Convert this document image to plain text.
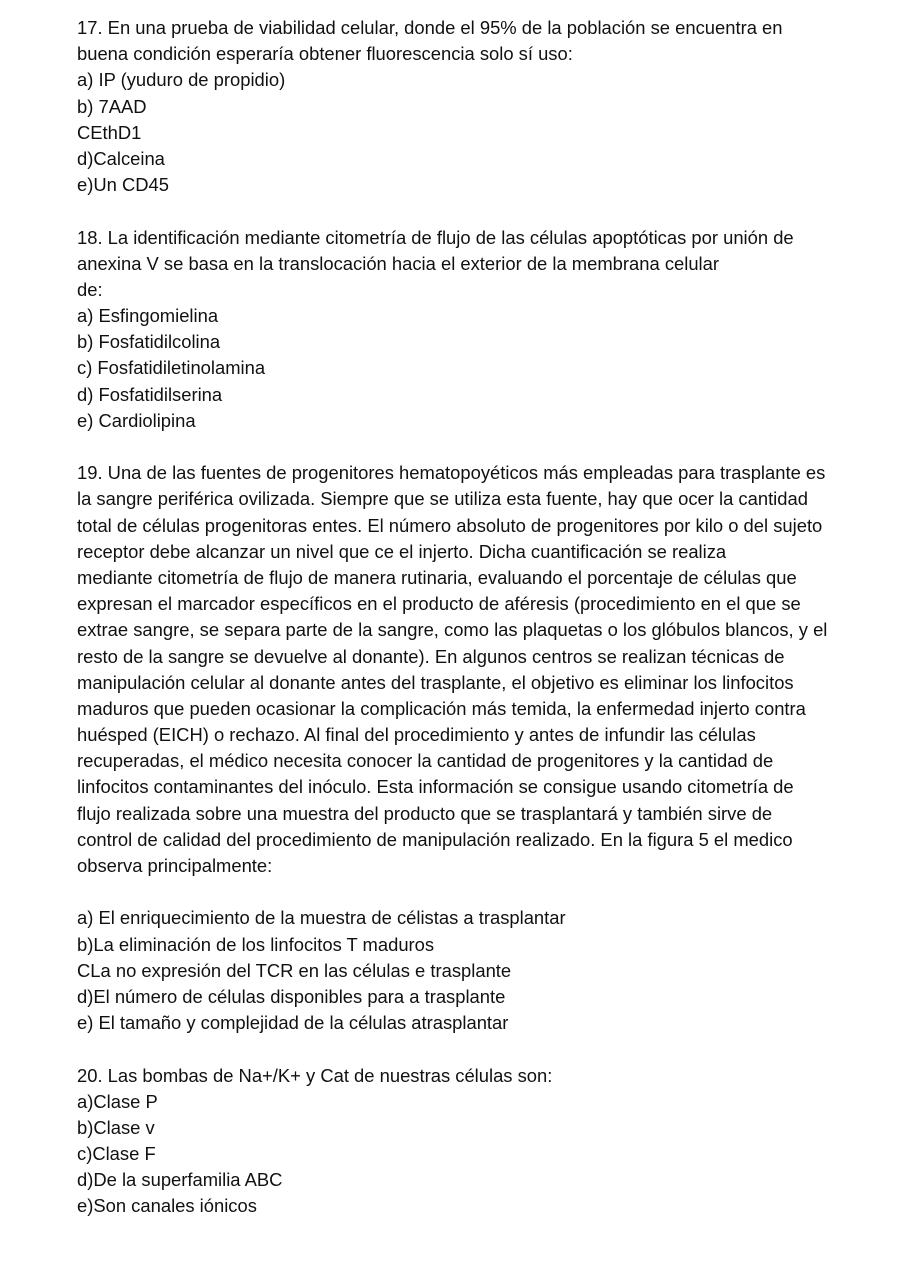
17. En una prueba de viabilidad celular, donde el 95% de la población se encuentra en
buena condición esperaría obtener fluorescencia solo sí uso:
a) IP (yuduro de propidio)
b) 7AAD
CEthD1
d)Calceina
e)Un CD45
18. La identificación mediante citometría de flujo de las células apoptóticas por unión de
anexina V se basa en la translocación hacia el exterior de la membrana celular
de:
a) Esfingomielina
b) Fosfatidilcolina
c) Fosfatidiletinolamina
d) Fosfatidilserina
e) Cardiolipina
19. Una de las fuentes de progenitores hematopoyéticos más empleadas para trasplante es
la sangre periférica ovilizada. Siempre que se utiliza esta fuente, hay que ocer la cantidad
total de células progenitoras entes. El número absoluto de progenitores por kilo o del sujeto
receptor debe alcanzar un nivel que ce el injerto. Dicha cuantificación se realiza
mediante citometría de flujo de manera rutinaria, evaluando el porcentaje de células que
expresan el marcador específicos en el producto de aféresis (procedimiento en el que se
extrae sangre, se separa parte de la sangre, como las plaquetas o los glóbulos blancos, y el
resto de la sangre se devuelve al donante). En algunos centros se realizan técnicas de
manipulación celular al donante antes del trasplante, el objetivo es eliminar los linfocitos
maduros que pueden ocasionar la complicación más temida, la enfermedad injerto contra
huésped (EICH) o rechazo. Al final del procedimiento y antes de infundir las células
recuperadas, el médico necesita conocer la cantidad de progenitores y la cantidad de
linfocitos contaminantes del inóculo. Esta información se consigue usando citometría de
flujo realizada sobre una muestra del producto que se trasplantará y también sirve de
control de calidad del procedimiento de manipulación realizado. En la figura 5 el medico
observa principalmente:
a) El enriquecimiento de la muestra de célistas a trasplantar
b)La eliminación de los linfocitos T maduros
CLa no expresión del TCR en las células e trasplante
d)El número de células disponibles para a trasplante
e) El tamaño y complejidad de la células atrasplantar
20. Las bombas de Na+/K+ y Cat de nuestras células son:
a)Clase P
b)Clase v
c)Clase F
d)De la superfamilia ABC
e)Son canales iónicos
